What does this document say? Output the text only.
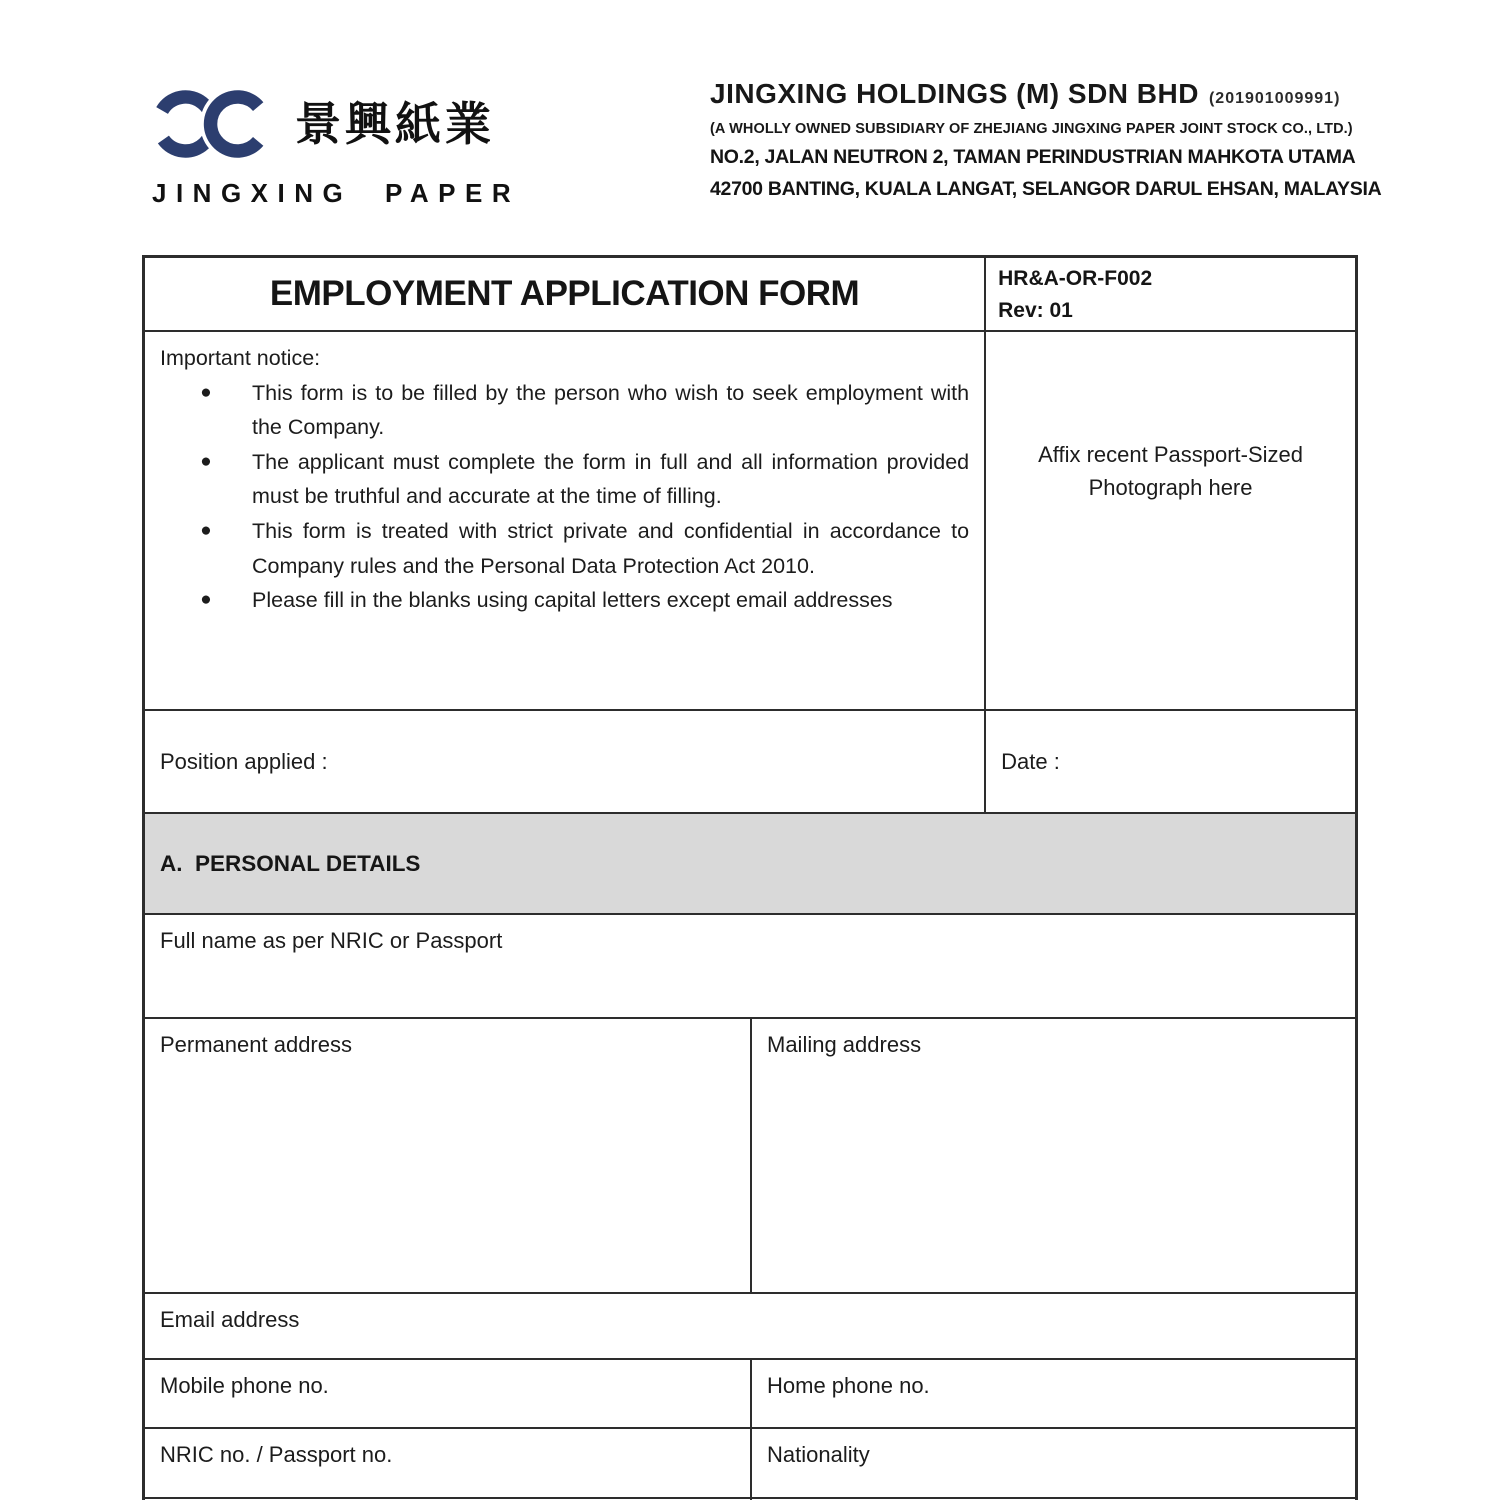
景興紙業
JINGXING PAPER
JINGXING HOLDINGS (M) SDN BHD (201901009991)
(A WHOLLY OWNED SUBSIDIARY OF ZHEJIANG JINGXING PAPER JOINT STOCK CO., LTD.)
NO.2, JALAN NEUTRON 2, TAMAN PERINDUSTRIAN MAHKOTA UTAMA
42700 BANTING, KUALA LANGAT, SELANGOR DARUL EHSAN, MALAYSIA
EMPLOYMENT APPLICATION FORM	HR&A-OR-F002
Rev: 01
Important notice:
●	This form is to be filled by the person who wish to seek employment with the Company.
●	The applicant must complete the form in full and all information provided must be truthful and accurate at the time of filling.
●	This form is treated with strict private and confidential in accordance to Company rules and the Personal Data Protection Act 2010.
●	Please fill in the blanks using capital letters except email addresses
Affix recent Passport-Sized Photograph here
Position applied :	Date :
A.  PERSONAL DETAILS
Full name as per NRIC or Passport
Permanent address	Mailing address
Email address
Mobile phone no.	Home phone no.
NRIC no. / Passport no.	Nationality
